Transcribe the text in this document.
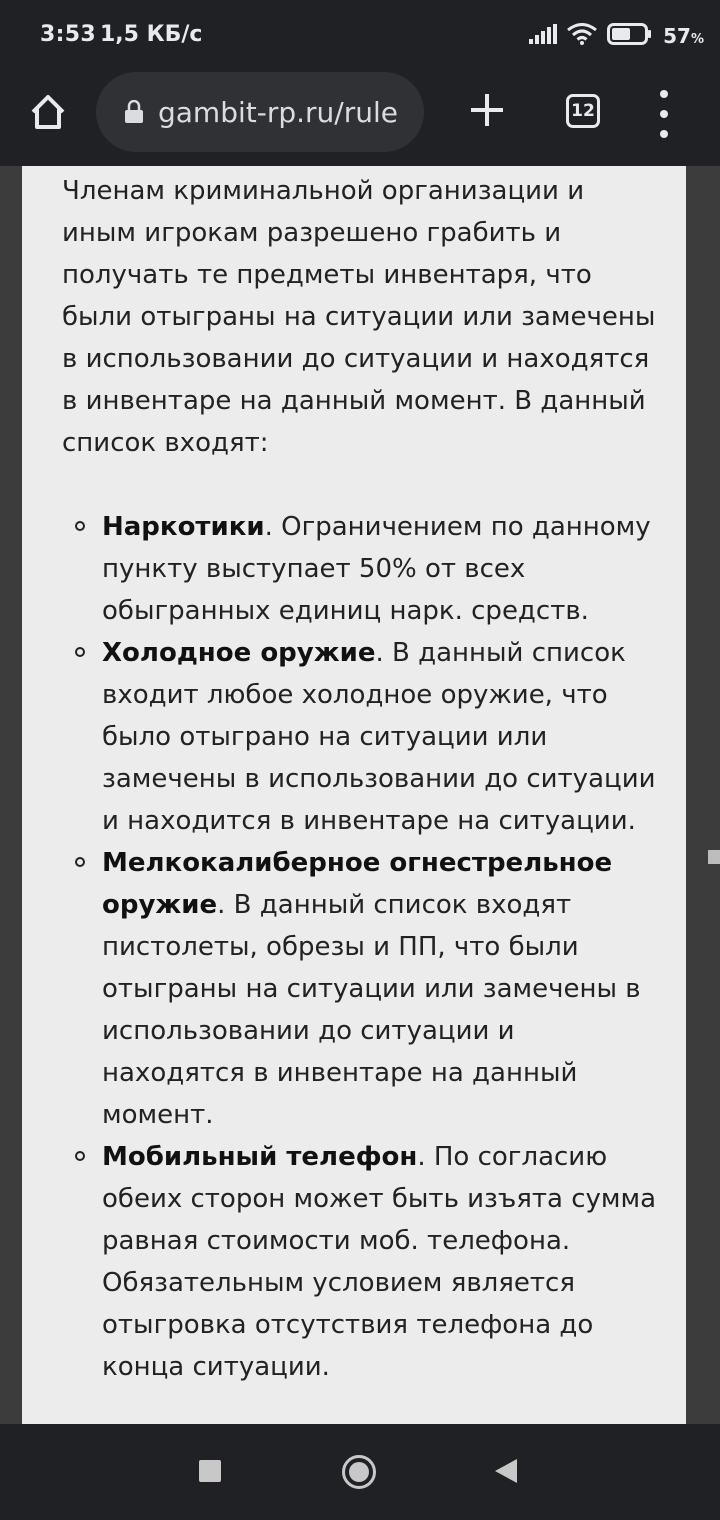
3:53 1,5 КБ/с	57%
gambit-rp.ru/rule	12

Членам криминальной организации и иным игрокам разрешено грабить и получать те предметы инвентаря, что были отыграны на ситуации или замечены в использовании до ситуации и находятся в инвентаре на данный момент. В данный список входят:

Наркотики. Ограничением по данному пункту выступает 50% от всех обыгранных единиц нарк. средств.
Холодное оружие. В данный список входит любое холодное оружие, что было отыграно на ситуации или замечены в использовании до ситуации и находится в инвентаре на ситуации.
Мелкокалиберное огнестрельное оружие. В данный список входят пистолеты, обрезы и ПП, что были отыграны на ситуации или замечены в использовании до ситуации и находятся в инвентаре на данный момент.
Мобильный телефон. По согласию обеих сторон может быть изъята сумма равная стоимости моб. телефона. Обязательным условием является отыгровка отсутствия телефона до конца ситуации.
